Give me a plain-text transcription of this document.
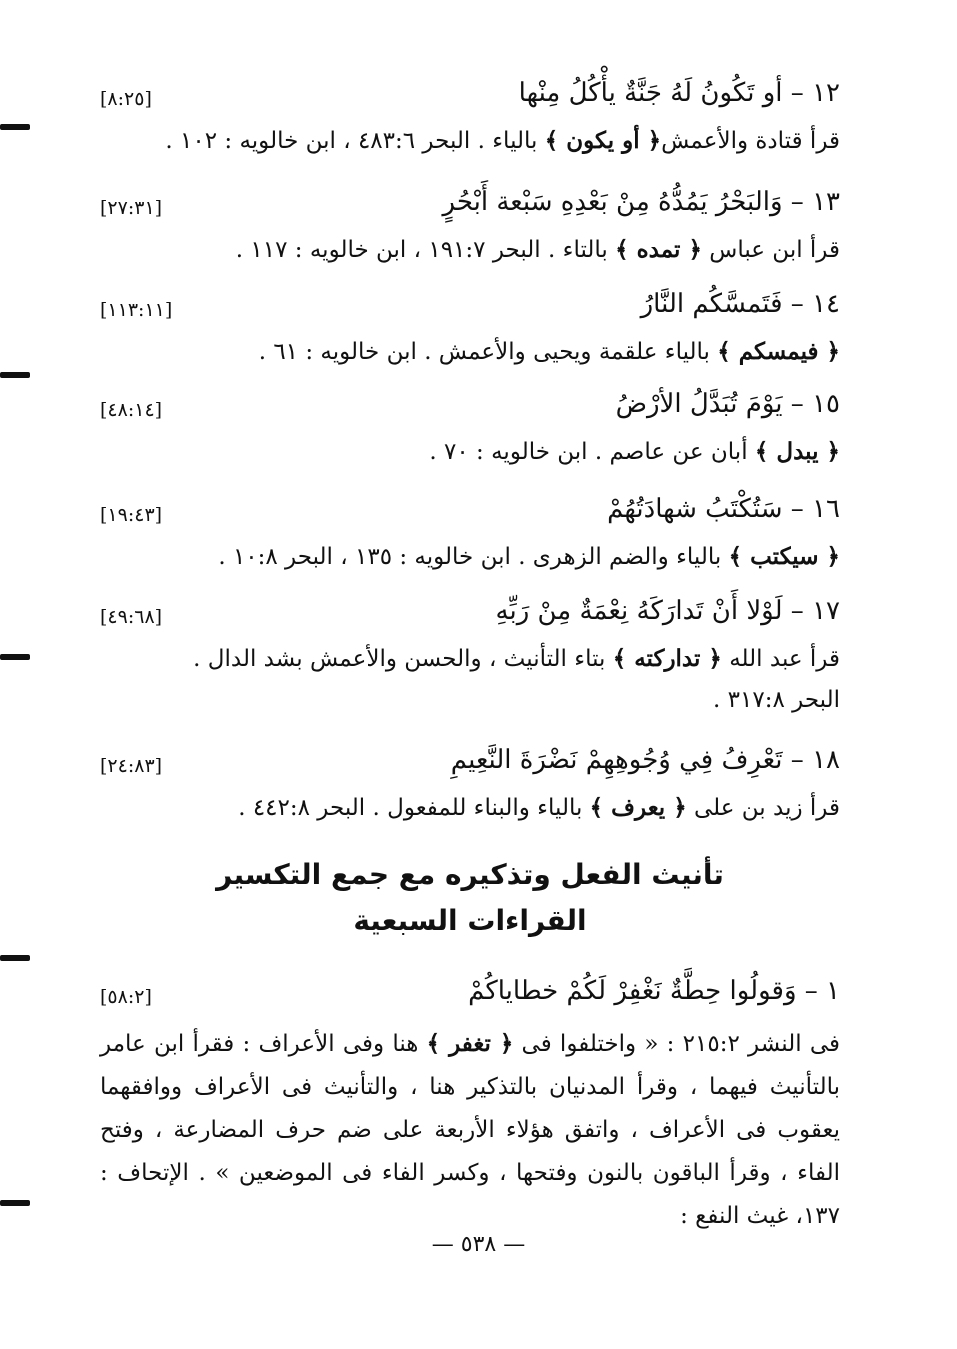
١٢ – أو تَكُونُ لَهُ جَنَّةٌ يأْكُلُ مِنْها
[٨:٢٥]
قرأ قتادة والأعمش﴿ أو يكون ﴾ بالياء . البحر ٤٨٣:٦ ، ابن خالويه : ١٠٢ .
١٣ – وَالبَحْرُ يَمُدُّهُ مِنْ بَعْدِهِ سَبْعة أَبْحُرٍ
[٢٧:٣١]
قرأ ابن عباس ﴿ تمده ﴾ بالتاء . البحر ١٩١:٧ ، ابن خالويه : ١١٧ .
١٤ – فَتَمسَّكُم النَّارُ
[١١٣:١١]
﴿ فيمسكم ﴾ بالياء علقمة ويحيى والأعمش . ابن خالويه : ٦١ .
١٥ – يَوْمَ تُبَدَّلُ الأرْضُ
[٤٨:١٤]
﴿ يبدل ﴾ أبان عن عاصم . ابن خالويه : ٧٠ .
١٦ – سَتُكْتَبُ شهادَتُهُمْ
[١٩:٤٣]
﴿ سيكتب ﴾ بالياء والضم الزهرى . ابن خالويه : ١٣٥ ، البحر ١٠:٨ .
١٧ – لَوْلا أَنْ تَدارَكَهُ نِعْمَةٌ مِنْ رَبِّهِ
[٤٩:٦٨]
قرأ عبد الله ﴿ تداركته ﴾ بتاء التأنيث ، والحسن والأعمش بشد الدال .
البحر ٣١٧:٨ .
١٨ – تَعْرِفُ فِي وُجُوهِهِمْ نَضْرَةَ النَّعِيمِ
[٢٤:٨٣]
قرأ زيد بن على ﴿ يعرف ﴾ بالياء والبناء للمفعول . البحر ٤٤٢:٨ .
تأنيث الفعل وتذكيره مع جمع التكسير
القراءات السبعية
١ – وَقولُوا حِطَّةٌ نَغْفِرْ لَكُمْ خطاياكُمْ
[٥٨:٢]
فى النشر ٢١٥:٢ : « واختلفوا فى ﴿ تغفر ﴾ هنا وفى الأعراف : فقرأ ابن عامر بالتأنيث فيهما ، وقرأ المدنيان بالتذكير هنا ، والتأنيث فى الأعراف ووافقهما يعقوب فى الأعراف ، واتفق هؤلاء الأربعة على ضم حرف المضارعة ، وفتح الفاء ، وقرأ الباقون بالنون وفتحها ، وكسر الفاء فى الموضعين » . الإتحاف : ١٣٧، غيث النفع :
— ٥٣٨ —
